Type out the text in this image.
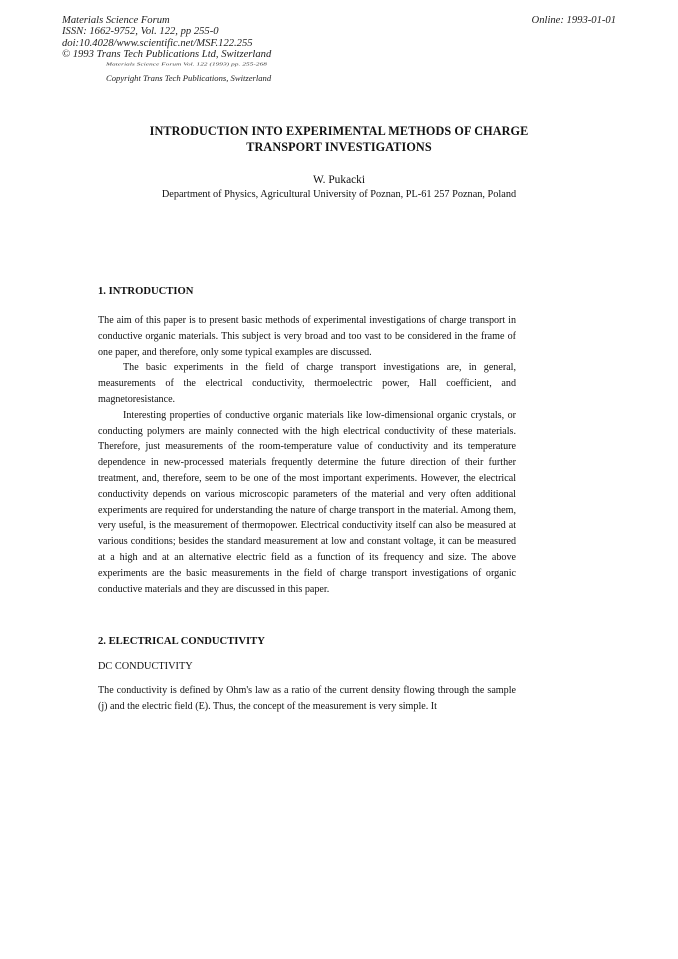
Materials Science Forum
ISSN: 1662-9752, Vol. 122, pp 255-0
doi:10.4028/www.scientific.net/MSF.122.255
© 1993 Trans Tech Publications Ltd, Switzerland
Online: 1993-01-01
Materials Science Forum Vol. 122 (1993) pp. 255-268
Copyright Trans Tech Publications, Switzerland
INTRODUCTION INTO EXPERIMENTAL METHODS OF CHARGE
TRANSPORT INVESTIGATIONS
W. Pukacki
Department of Physics, Agricultural University of Poznan, PL-61 257 Poznan, Poland
1. INTRODUCTION

The aim of this paper is to present basic methods of experimental investigations of charge transport in conductive organic materials. This subject is very broad and too vast to be considered in the frame of one paper, and therefore, only some typical examples are discussed.

The basic experiments in the field of charge transport investigations are, in general, measurements of the electrical conductivity, thermoelectric power, Hall coefficient, and magnetoresistance.

Interesting properties of conductive organic materials like low-dimensional organic crystals, or conducting polymers are mainly connected with the high electrical conductivity of these materials. Therefore, just measurements of the room-temperature value of conductivity and its temperature dependence in new-processed materials frequently determine the future direction of their further treatment, and, therefore, seem to be one of the most important experiments. However, the electrical conductivity depends on various microscopic parameters of the material and very often additional experiments are required for understanding the nature of charge transport in the material. Among them, very useful, is the measurement of thermopower. Electrical conductivity itself can also be measured at various conditions; besides the standard measurement at low and constant voltage, it can be measured at a high and at an alternative electric field as a function of its frequency and size. The above experiments are the basic measurements in the field of charge transport investigations of organic conductive materials and they are discussed in this paper.

2. ELECTRICAL CONDUCTIVITY
DC CONDUCTIVITY

The conductivity is defined by Ohm's law as a ratio of the current density flowing through the sample (j) and the electric field (E). Thus, the concept of the measurement is very simple. It
